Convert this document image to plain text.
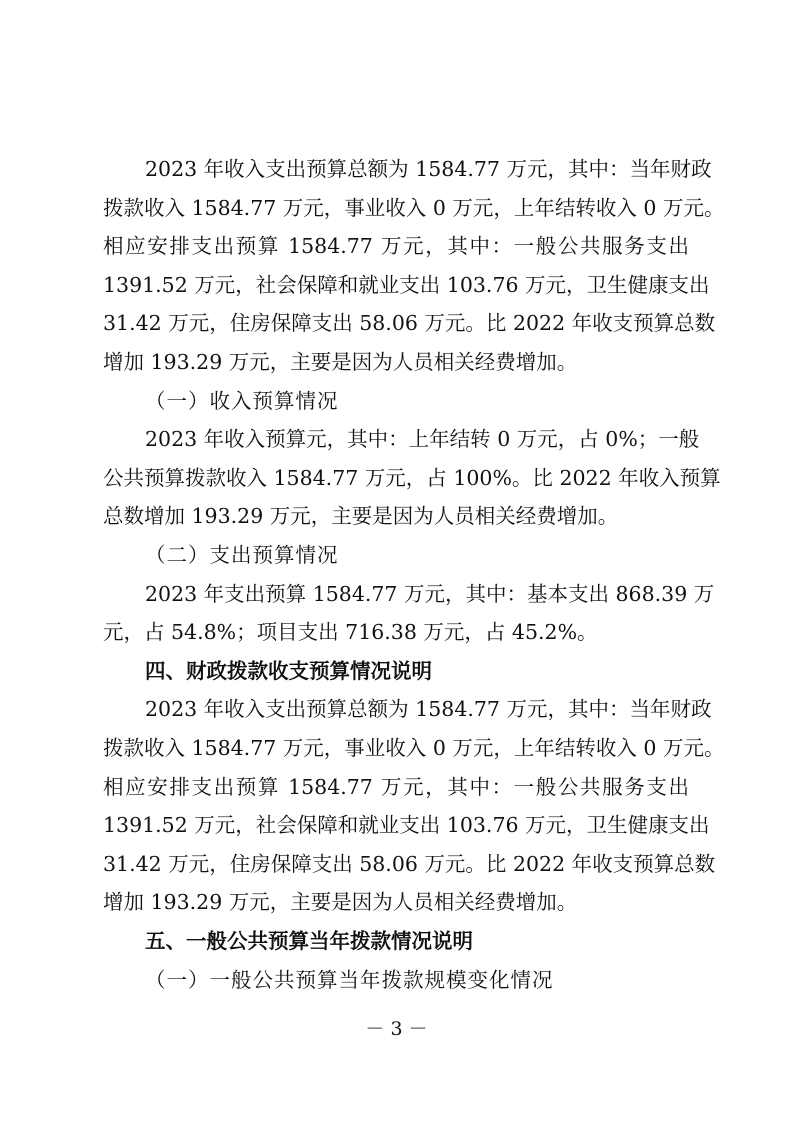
2023 年收入支出预算总额为 1584.77 万元，其中：当年财政
拨款收入 1584.77 万元，事业收入 0 万元，上年结转收入 0 万元。
相应安排支出预算 1584.77 万元，其中：一般公共服务支出
1391.52 万元，社会保障和就业支出 103.76 万元，卫生健康支出
31.42 万元，住房保障支出 58.06 万元。比 2022 年收支预算总数
增加 193.29 万元，主要是因为人员相关经费增加。
（一）收入预算情况
2023 年收入预算元，其中：上年结转 0 万元，占 0%；一般
公共预算拨款收入 1584.77 万元，占 100%。比 2022 年收入预算
总数增加 193.29 万元，主要是因为人员相关经费增加。
（二）支出预算情况
2023 年支出预算 1584.77 万元，其中：基本支出 868.39 万
元，占 54.8%；项目支出 716.38 万元，占 45.2%。
四、财政拨款收支预算情况说明
2023 年收入支出预算总额为 1584.77 万元，其中：当年财政
拨款收入 1584.77 万元，事业收入 0 万元，上年结转收入 0 万元。
相应安排支出预算 1584.77 万元，其中：一般公共服务支出
1391.52 万元，社会保障和就业支出 103.76 万元，卫生健康支出
31.42 万元，住房保障支出 58.06 万元。比 2022 年收支预算总数
增加 193.29 万元，主要是因为人员相关经费增加。
五、一般公共预算当年拨款情况说明
（一）一般公共预算当年拨款规模变化情况
－ 3 －
